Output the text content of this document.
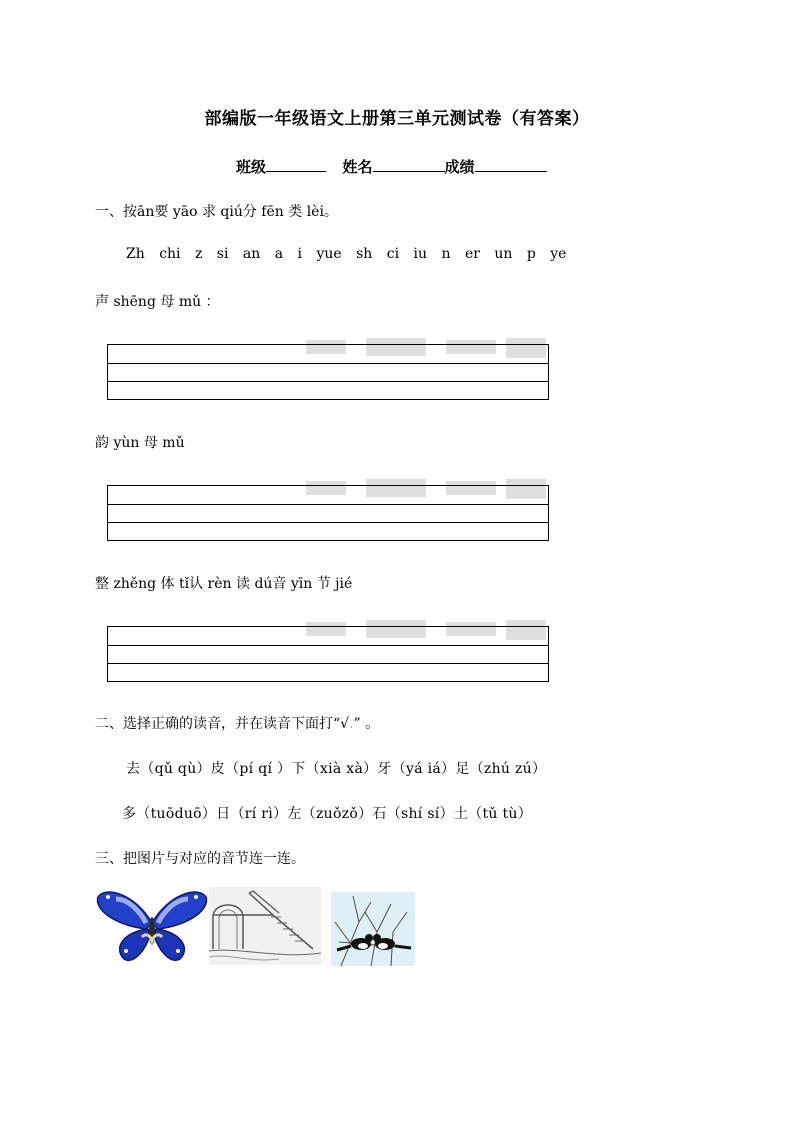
部编版一年级语文上册第三单元测试卷（有答案）
班级	姓名	成绩
一、按ān要 yāo 求 qiú分 fēn 类 lèi。
Zh chi z si an a i yue sh ci iu n er un p ye
声 shēng 母 mǔ ：
韵 yùn 母 mǔ
整 zhěng 体 tǐ认 rèn 读 dú音 yīn 节 jié
二、选择正确的读音，并在读音下面打“√.” 。
去（qǔ qù）皮（pí qí ）下（xià xà）牙（yá iá）足（zhú zú）
多（tuōduō）日（rí rì）左（zuǒzǒ）石（shí sí）土（tǔ tù）
三、把图片与对应的音节连一连。
